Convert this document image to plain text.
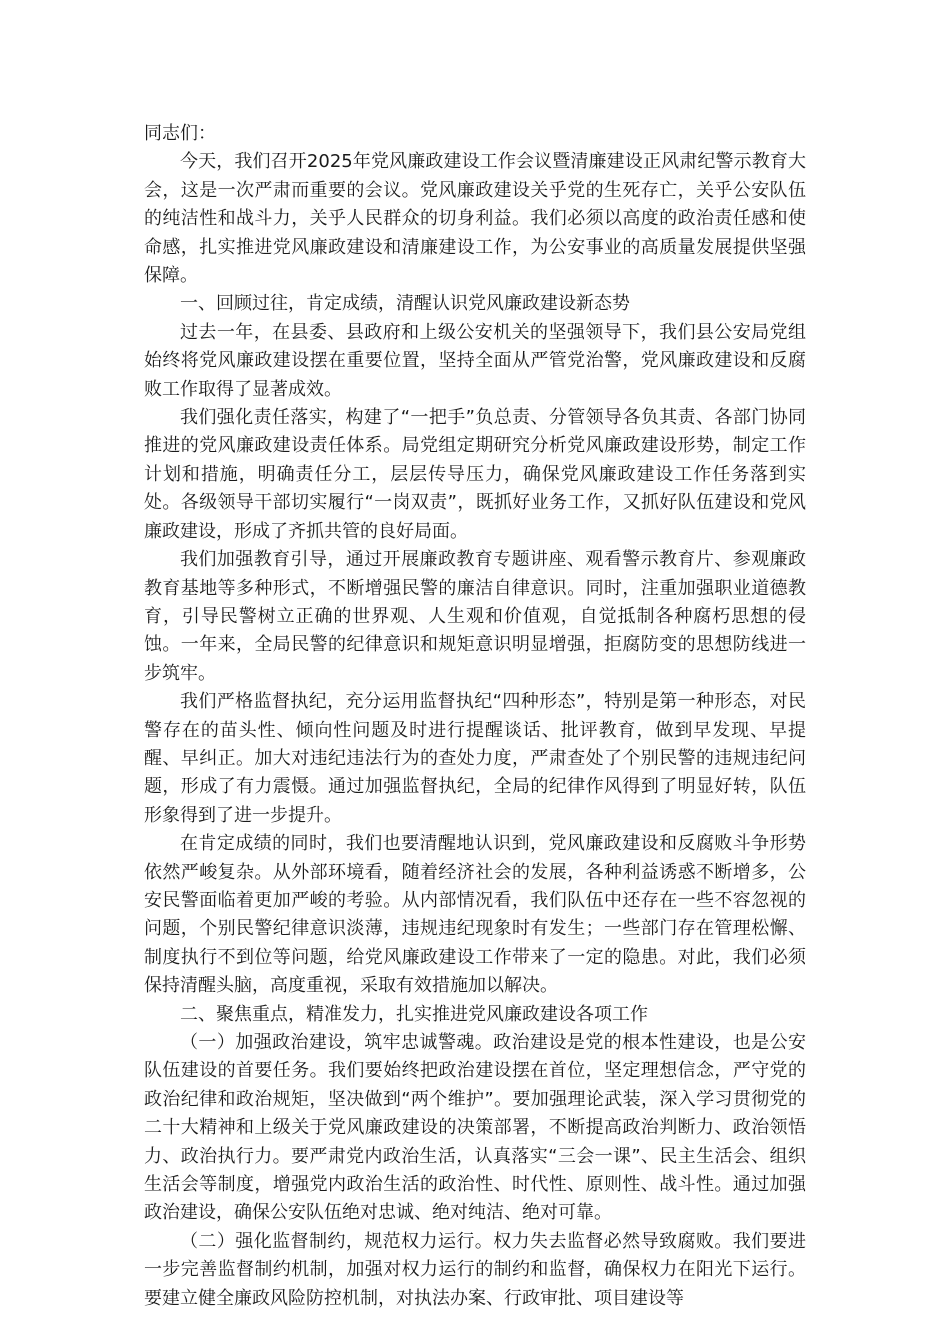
同志们：

今天，我们召开2025年党风廉政建设工作会议暨清廉建设正风肃纪警示教育大会，这是一次严肃而重要的会议。党风廉政建设关乎党的生死存亡，关乎公安队伍的纯洁性和战斗力，关乎人民群众的切身利益。我们必须以高度的政治责任感和使命感，扎实推进党风廉政建设和清廉建设工作，为公安事业的高质量发展提供坚强保障。

一、回顾过往，肯定成绩，清醒认识党风廉政建设新态势

过去一年，在县委、县政府和上级公安机关的坚强领导下，我们县公安局党组始终将党风廉政建设摆在重要位置，坚持全面从严管党治警，党风廉政建设和反腐败工作取得了显著成效。

我们强化责任落实，构建了“一把手”负总责、分管领导各负其责、各部门协同推进的党风廉政建设责任体系。局党组定期研究分析党风廉政建设形势，制定工作计划和措施，明确责任分工，层层传导压力，确保党风廉政建设工作任务落到实处。各级领导干部切实履行“一岗双责”，既抓好业务工作，又抓好队伍建设和党风廉政建设，形成了齐抓共管的良好局面。

我们加强教育引导，通过开展廉政教育专题讲座、观看警示教育片、参观廉政教育基地等多种形式，不断增强民警的廉洁自律意识。同时，注重加强职业道德教育，引导民警树立正确的世界观、人生观和价值观，自觉抵制各种腐朽思想的侵蚀。一年来，全局民警的纪律意识和规矩意识明显增强，拒腐防变的思想防线进一步筑牢。

我们严格监督执纪，充分运用监督执纪“四种形态”，特别是第一种形态，对民警存在的苗头性、倾向性问题及时进行提醒谈话、批评教育，做到早发现、早提醒、早纠正。加大对违纪违法行为的查处力度，严肃查处了个别民警的违规违纪问题，形成了有力震慑。通过加强监督执纪，全局的纪律作风得到了明显好转，队伍形象得到了进一步提升。

在肯定成绩的同时，我们也要清醒地认识到，党风廉政建设和反腐败斗争形势依然严峻复杂。从外部环境看，随着经济社会的发展，各种利益诱惑不断增多，公安民警面临着更加严峻的考验。从内部情况看，我们队伍中还存在一些不容忽视的问题，个别民警纪律意识淡薄，违规违纪现象时有发生；一些部门存在管理松懈、制度执行不到位等问题，给党风廉政建设工作带来了一定的隐患。对此，我们必须保持清醒头脑，高度重视，采取有效措施加以解决。

二、聚焦重点，精准发力，扎实推进党风廉政建设各项工作

（一）加强政治建设，筑牢忠诚警魂。政治建设是党的根本性建设，也是公安队伍建设的首要任务。我们要始终把政治建设摆在首位，坚定理想信念，严守党的政治纪律和政治规矩，坚决做到“两个维护”。要加强理论武装，深入学习贯彻党的二十大精神和上级关于党风廉政建设的决策部署，不断提高政治判断力、政治领悟力、政治执行力。要严肃党内政治生活，认真落实“三会一课”、民主生活会、组织生活会等制度，增强党内政治生活的政治性、时代性、原则性、战斗性。通过加强政治建设，确保公安队伍绝对忠诚、绝对纯洁、绝对可靠。

（二）强化监督制约，规范权力运行。权力失去监督必然导致腐败。我们要进一步完善监督制约机制，加强对权力运行的制约和监督，确保权力在阳光下运行。要建立健全廉政风险防控机制，对执法办案、行政审批、项目建设等
